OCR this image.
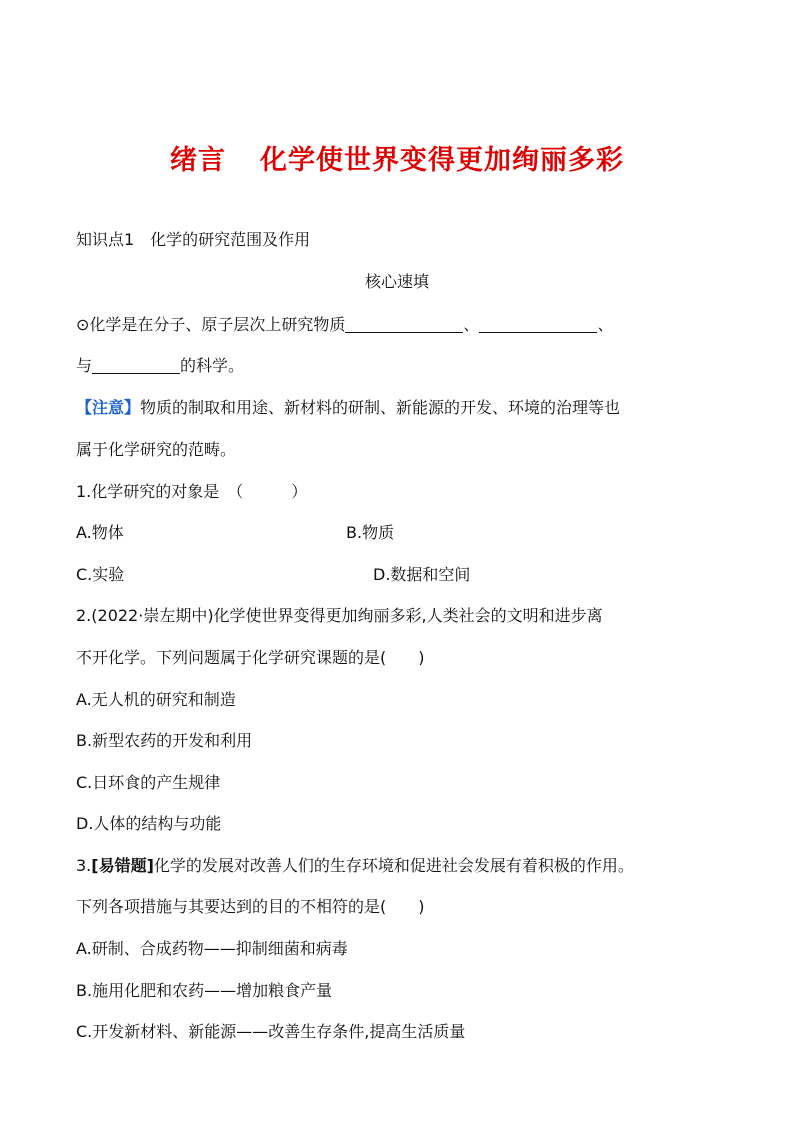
绪言 化学使世界变得更加绚丽多彩
知识点1　化学的研究范围及作用
核心速填
⊙化学是在分子、原子层次上研究物质	、	、
与	的科学。
【注意】物质的制取和用途、新材料的研制、新能源的开发、环境的治理等也
属于化学研究的范畴。
1.化学研究的对象是　（　　　）
A.物体	B.物质
C.实验	D.数据和空间
2.(2022·崇左期中)化学使世界变得更加绚丽多彩,人类社会的文明和进步离
不开化学。下列问题属于化学研究课题的是(　　)
A.无人机的研究和制造
B.新型农药的开发和利用
C.日环食的产生规律
D.人体的结构与功能
3.[易错题]化学的发展对改善人们的生存环境和促进社会发展有着积极的作用。
下列各项措施与其要达到的目的不相符的是(　　)
A.研制、合成药物——抑制细菌和病毒
B.施用化肥和农药——增加粮食产量
C.开发新材料、新能源——改善生存条件,提高生活质量
